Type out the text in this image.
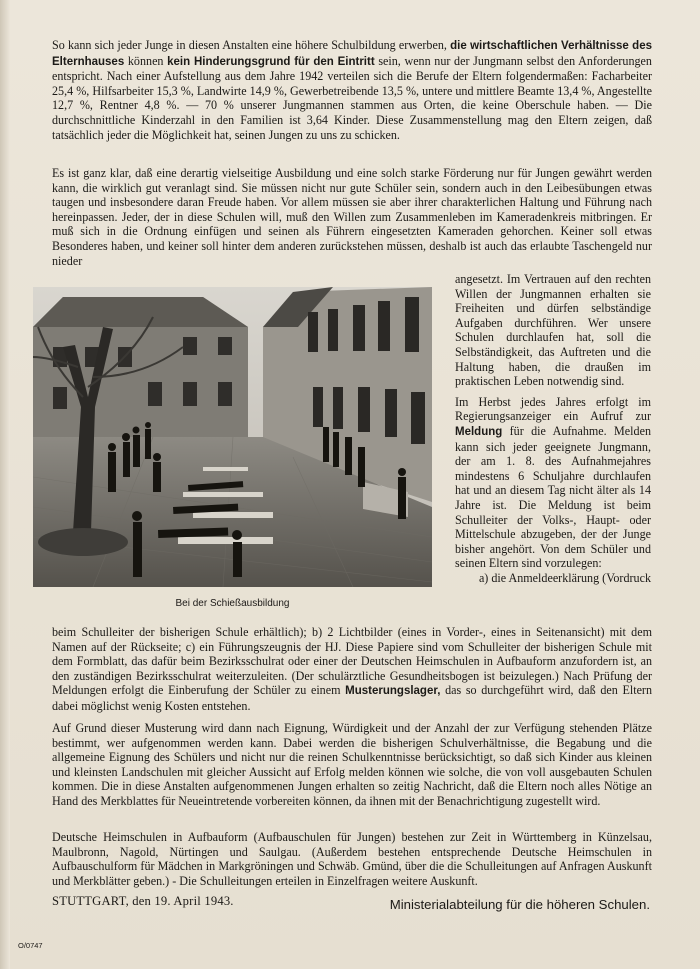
So kann sich jeder Junge in diesen Anstalten eine höhere Schulbildung erwerben, die wirtschaftlichen Verhältnisse des Elternhauses können kein Hinderungsgrund für den Eintritt sein, wenn nur der Jungmann selbst den Anforderungen entspricht. Nach einer Aufstellung aus dem Jahre 1942 verteilen sich die Berufe der Eltern folgendermaßen: Facharbeiter 25,4 %, Hilfsarbeiter 15,3 %, Landwirte 14,9 %, Gewerbetreibende 13,5 %, untere und mittlere Beamte 13,4 %, Angestellte 12,7 %, Rentner 4,8 %. — 70 % unserer Jungmannen stammen aus Orten, die keine Oberschule haben. — Die durchschnittliche Kinderzahl in den Familien ist 3,64 Kinder. Diese Zusammenstellung mag den Eltern zeigen, daß tatsächlich jeder die Möglichkeit hat, seinen Jungen zu uns zu schicken.

Es ist ganz klar, daß eine derartig vielseitige Ausbildung und eine solch starke Förderung nur für Jungen gewährt werden kann, die wirklich gut veranlagt sind. Sie müssen nicht nur gute Schüler sein, sondern auch in den Leibesübungen etwas taugen und insbesondere daran Freude haben. Vor allem müssen sie aber ihrer charakterlichen Haltung und Führung nach hereinpassen. Jeder, der in diese Schulen will, muß den Willen zum Zusammenleben im Kameradenkreis mitbringen. Er muß sich in die Ordnung einfügen und seinen als Führern eingesetzten Kameraden gehorchen. Keiner soll etwas Besonderes haben, und keiner soll hinter dem anderen zurückstehen müssen, deshalb ist auch das erlaubte Taschengeld nur nieder

angesetzt. Im Vertrauen auf den rechten Willen der Jungmannen erhalten sie Freiheiten und dürfen selbständige Aufgaben durchführen. Wer unsere Schulen durchlaufen hat, soll die Selbständigkeit, das Auftreten und die Haltung haben, die draußen im praktischen Leben notwendig sind.

Im Herbst jedes Jahres erfolgt im Regierungsanzeiger ein Aufruf zur Meldung für die Aufnahme. Melden kann sich jeder geeignete Jungmann, der am 1. 8. des Aufnahmejahres mindestens 6 Schuljahre durchlaufen hat und an diesem Tag nicht älter als 14 Jahre ist. Die Meldung ist beim Schulleiter der Volks-, Haupt- oder Mittelschule abzugeben, der der Junge bisher angehört. Von dem Schüler und seinen Eltern sind vorzulegen:

a) die Anmeldeerklärung (Vordruck

Bei der Schießausbildung

beim Schulleiter der bisherigen Schule erhältlich); b) 2 Lichtbilder (eines in Vorder-, eines in Seitenansicht) mit dem Namen auf der Rückseite; c) ein Führungszeugnis der HJ. Diese Papiere sind vom Schulleiter der bisherigen Schule mit dem Formblatt, das dafür beim Bezirksschulrat oder einer der Deutschen Heimschulen in Aufbauform anzufordern ist, an den zuständigen Bezirksschulrat weiterzuleiten. (Der schulärztliche Gesundheitsbogen ist beizulegen.) Nach Prüfung der Meldungen erfolgt die Einberufung der Schüler zu einem Musterungslager, das so durchgeführt wird, daß den Eltern dabei möglichst wenig Kosten entstehen.

Auf Grund dieser Musterung wird dann nach Eignung, Würdigkeit und der Anzahl der zur Verfügung stehenden Plätze bestimmt, wer aufgenommen werden kann. Dabei werden die bisherigen Schulverhältnisse, die Begabung und die allgemeine Eignung des Schülers und nicht nur die reinen Schulkenntnisse berücksichtigt, so daß sich Kinder aus kleinen und kleinsten Landschulen mit gleicher Aussicht auf Erfolg melden können wie solche, die von voll ausgebauten Schulen kommen. Die in diese Anstalten aufgenommenen Jungen erhalten so zeitig Nachricht, daß die Eltern noch alles Nötige an Hand des Merkblattes für Neueintretende vorbereiten können, da ihnen mit der Benachrichtigung zugestellt wird.

Deutsche Heimschulen in Aufbauform (Aufbauschulen für Jungen) bestehen zur Zeit in Württemberg in Künzelsau, Maulbronn, Nagold, Nürtingen und Saulgau. (Außerdem bestehen entsprechende Deutsche Heimschulen in Aufbauschulform für Mädchen in Markgröningen und Schwäb. Gmünd, über die die Schulleitungen auf Anfragen Auskunft und Merkblätter geben.) - Die Schulleitungen erteilen in Einzelfragen weitere Auskunft.

STUTTGART, den 19. April 1943.	Ministerialabteilung für die höheren Schulen.
O/0747
